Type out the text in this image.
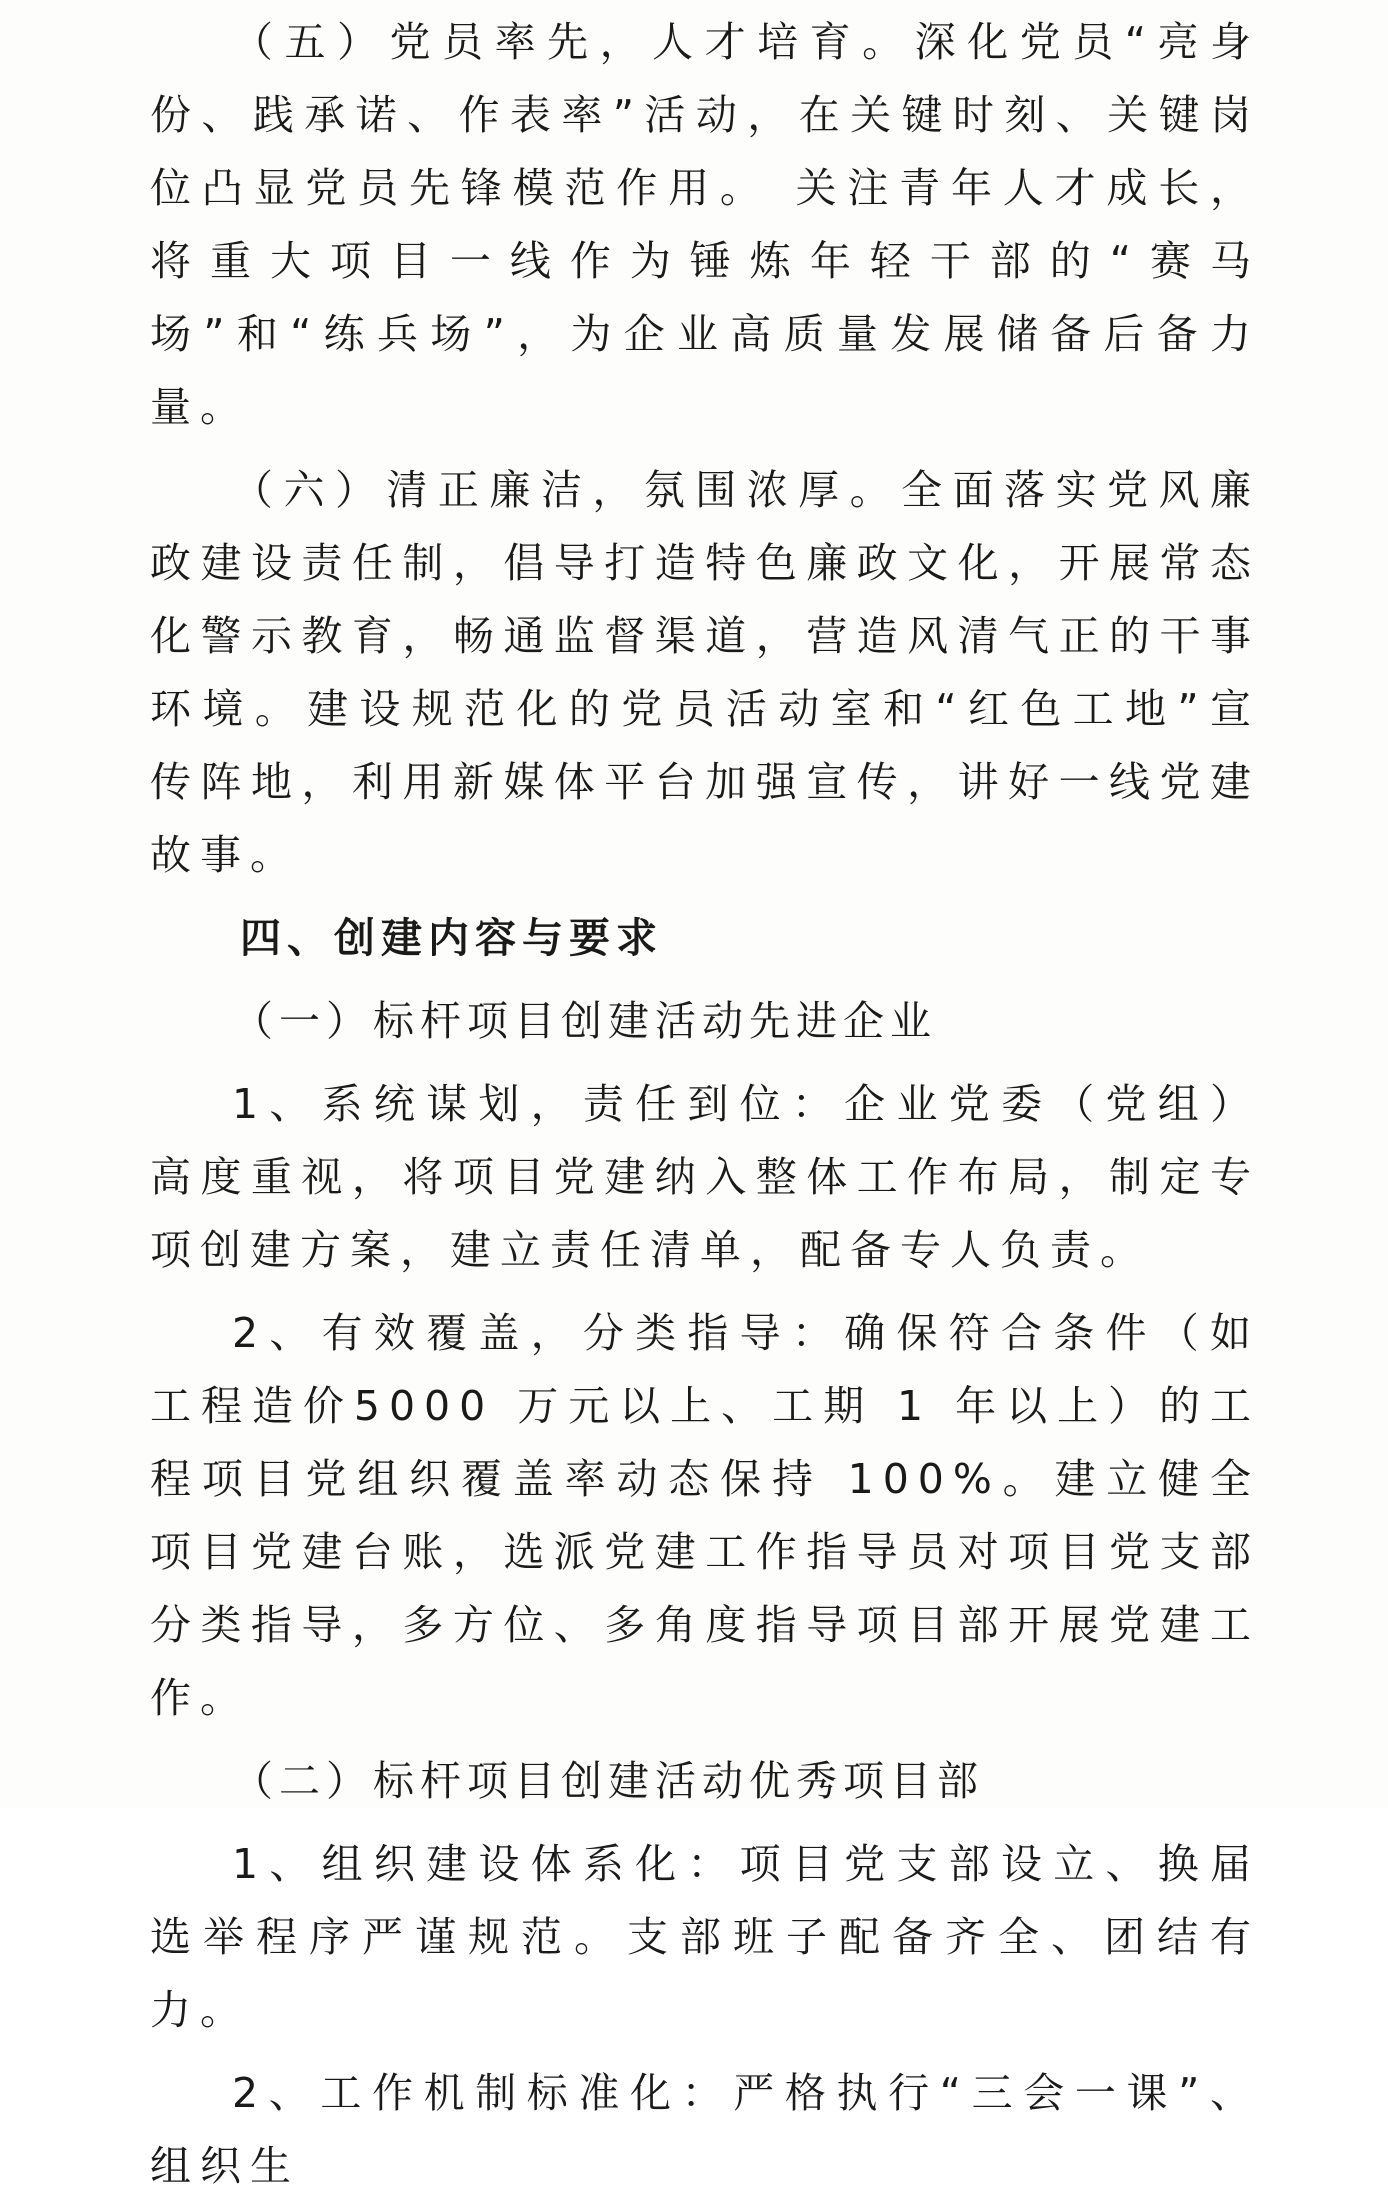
（五）党员率先，人才培育。深化党员“亮身份、践承诺、作表率”活动，在关键时刻、关键岗位凸显党员先锋模范作用。 关注青年人才成长，将重大项目一线作为锤炼年轻干部的“赛马场”和“练兵场”，为企业高质量发展储备后备力量。

（六）清正廉洁，氛围浓厚。全面落实党风廉政建设责任制，倡导打造特色廉政文化，开展常态化警示教育，畅通监督渠道，营造风清气正的干事环境。建设规范化的党员活动室和“红色工地”宣传阵地，利用新媒体平台加强宣传，讲好一线党建故事。

四、创建内容与要求

（一）标杆项目创建活动先进企业

1、系统谋划，责任到位：企业党委（党组）高度重视，将项目党建纳入整体工作布局，制定专项创建方案，建立责任清单，配备专人负责。

2、有效覆盖，分类指导：确保符合条件（如工程造价5000 万元以上、工期 1 年以上）的工程项目党组织覆盖率动态保持 100%。建立健全项目党建台账，选派党建工作指导员对项目党支部分类指导，多方位、多角度指导项目部开展党建工作。

（二）标杆项目创建活动优秀项目部

1、组织建设体系化：项目党支部设立、换届选举程序严谨规范。支部班子配备齐全、团结有力。

2、工作机制标准化：严格执行“三会一课”、组织生
